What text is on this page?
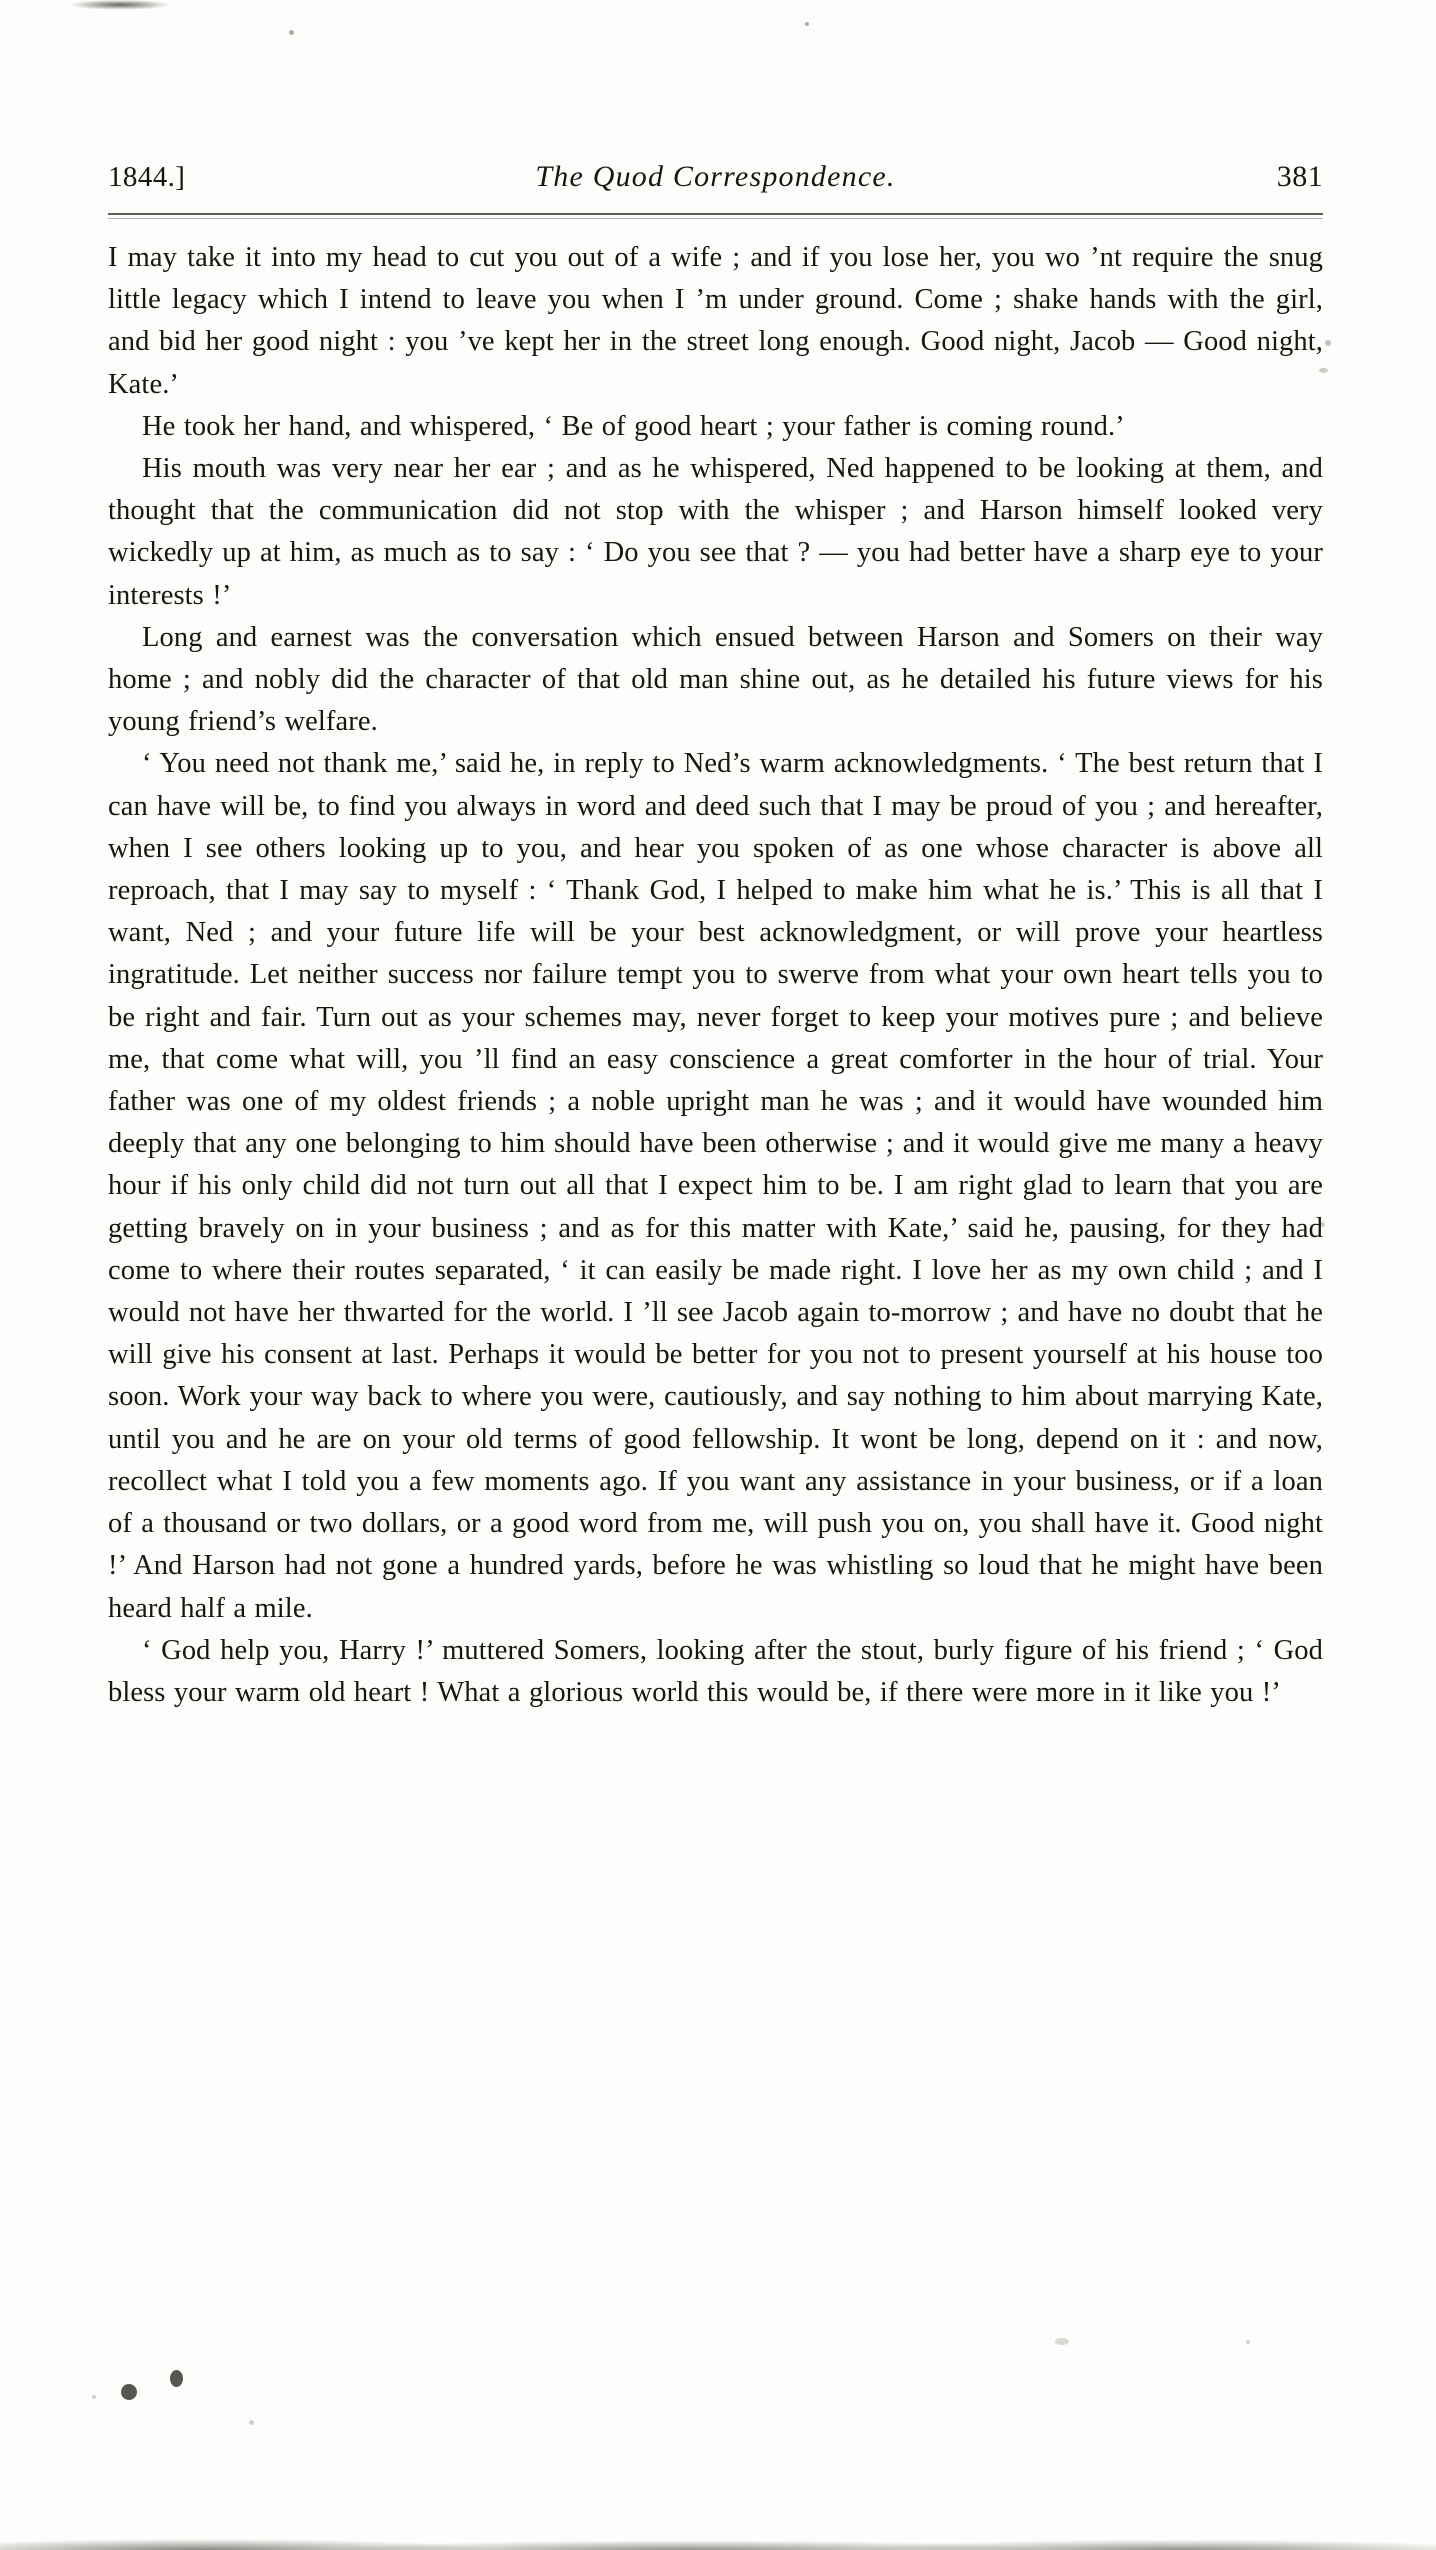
1844.]	The Quod Correspondence.	381

I may take it into my head to cut you out of a wife ; and if you lose her, you wo ’nt require the snug little legacy which I intend to leave you when I ’m under ground. Come ; shake hands with the girl, and bid her good night : you ’ve kept her in the street long enough. Good night, Jacob — Good night, Kate.’

He took her hand, and whispered, ‘ Be of good heart ; your father is coming round.’

His mouth was very near her ear ; and as he whispered, Ned happened to be looking at them, and thought that the communication did not stop with the whisper ; and Harson himself looked very wickedly up at him, as much as to say : ‘ Do you see that ? — you had better have a sharp eye to your interests !’

Long and earnest was the conversation which ensued between Harson and Somers on their way home ; and nobly did the character of that old man shine out, as he detailed his future views for his young friend’s welfare.

‘ You need not thank me,’ said he, in reply to Ned’s warm acknowledgments. ‘ The best return that I can have will be, to find you always in word and deed such that I may be proud of you ; and hereafter, when I see others looking up to you, and hear you spoken of as one whose character is above all reproach, that I may say to myself : ‘ Thank God, I helped to make him what he is.’ This is all that I want, Ned ; and your future life will be your best acknowledgment, or will prove your heartless ingratitude. Let neither success nor failure tempt you to swerve from what your own heart tells you to be right and fair. Turn out as your schemes may, never forget to keep your motives pure ; and believe me, that come what will, you ’ll find an easy conscience a great comforter in the hour of trial. Your father was one of my oldest friends ; a noble upright man he was ; and it would have wounded him deeply that any one belonging to him should have been otherwise ; and it would give me many a heavy hour if his only child did not turn out all that I expect him to be. I am right glad to learn that you are getting bravely on in your business ; and as for this matter with Kate,’ said he, pausing, for they had come to where their routes separated, ‘ it can easily be made right. I love her as my own child ; and I would not have her thwarted for the world. I ’ll see Jacob again to-morrow ; and have no doubt that he will give his consent at last. Perhaps it would be better for you not to present yourself at his house too soon. Work your way back to where you were, cautiously, and say nothing to him about marrying Kate, until you and he are on your old terms of good fellowship. It wont be long, depend on it : and now, recollect what I told you a few moments ago. If you want any assistance in your business, or if a loan of a thousand or two dollars, or a good word from me, will push you on, you shall have it. Good night !’ And Harson had not gone a hundred yards, before he was whistling so loud that he might have been heard half a mile.

‘ God help you, Harry !’ muttered Somers, looking after the stout, burly figure of his friend ; ‘ God bless your warm old heart ! What a glorious world this would be, if there were more in it like you !’
